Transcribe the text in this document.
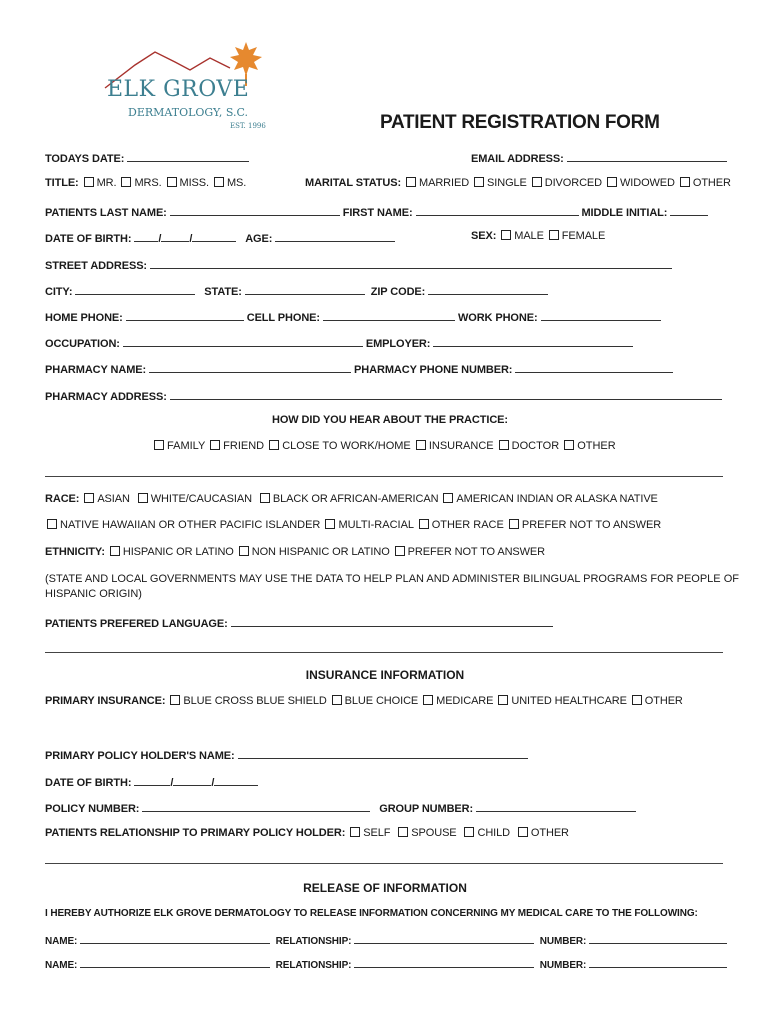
ELK GROVE
DERMATOLOGY, S.C.
EST. 1996	PATIENT REGISTRATION FORM
TODAYS DATE:	EMAIL ADDRESS:
TITLE: MR. MRS. MISS. MS.	MARITAL STATUS: MARRIED SINGLE DIVORCED WIDOWED OTHER
PATIENTS LAST NAME:	FIRST NAME:	MIDDLE INITIAL:
DATE OF BIRTH: /	/	AGE:	SEX: MALE FEMALE
STREET ADDRESS:
CITY:	STATE:	ZIP CODE:
HOME PHONE:	CELL PHONE:	WORK PHONE:
OCCUPATION:	EMPLOYER:
PHARMACY NAME:	PHARMACY PHONE NUMBER:
PHARMACY ADDRESS:
HOW DID YOU HEAR ABOUT THE PRACTICE:
FAMILY FRIEND CLOSE TO WORK/HOME INSURANCE DOCTOR OTHER
RACE: ASIAN WHITE/CAUCASIAN BLACK OR AFRICAN-AMERICAN AMERICAN INDIAN OR ALASKA NATIVE
NATIVE HAWAIIAN OR OTHER PACIFIC ISLANDER MULTI-RACIAL OTHER RACE PREFER NOT TO ANSWER
ETHNICITY: HISPANIC OR LATINO NON HISPANIC OR LATINO PREFER NOT TO ANSWER
(STATE AND LOCAL GOVERNMENTS MAY USE THE DATA TO HELP PLAN AND ADMINISTER BILINGUAL PROGRAMS FOR PEOPLE OF
HISPANIC ORIGIN)
PATIENTS PREFERED LANGUAGE:
INSURANCE INFORMATION
PRIMARY INSURANCE: BLUE CROSS BLUE SHIELD BLUE CHOICE MEDICARE UNITED HEALTHCARE OTHER
PRIMARY POLICY HOLDER'S NAME:
DATE OF BIRTH:	/	/
POLICY NUMBER:	GROUP NUMBER:
PATIENTS RELATIONSHIP TO PRIMARY POLICY HOLDER: SELF SPOUSE CHILD OTHER
RELEASE OF INFORMATION
I HEREBY AUTHORIZE ELK GROVE DERMATOLOGY TO RELEASE INFORMATION CONCERNING MY MEDICAL CARE TO THE FOLLOWING:
NAME:	RELATIONSHIP:	NUMBER:
NAME:	RELATIONSHIP:	NUMBER:
